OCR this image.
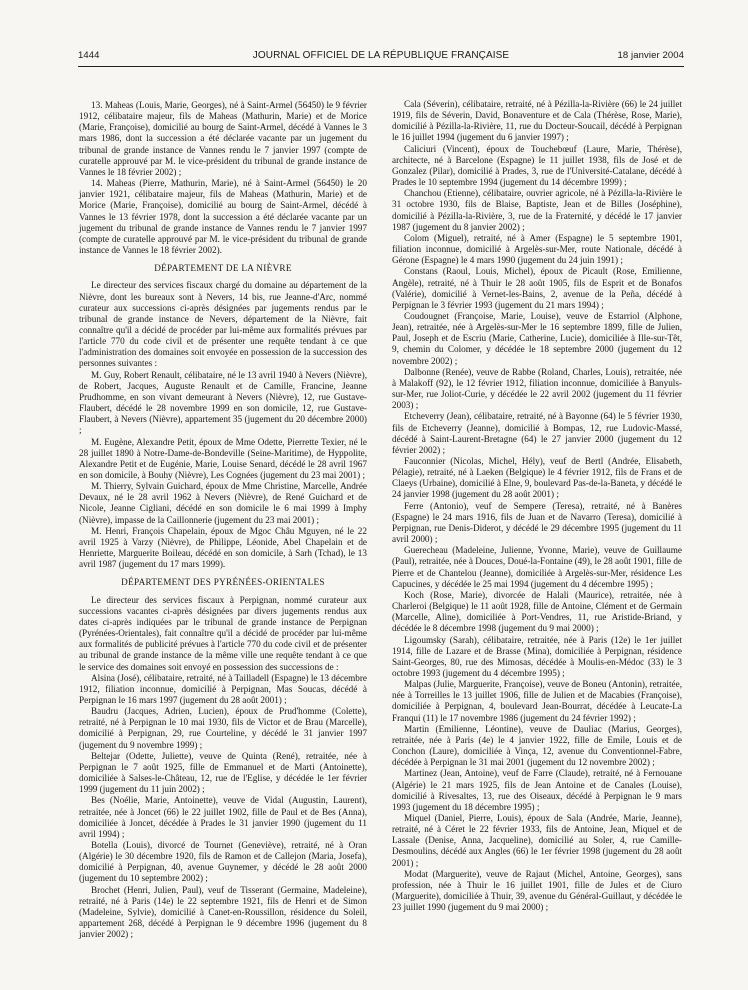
1444	JOURNAL OFFICIEL DE LA RÉPUBLIQUE FRANÇAISE	18 janvier 2004

13. Maheas (Louis, Marie, Georges), né à Saint-Armel (56450) le 9 février 1912, célibataire majeur, fils de Maheas (Mathurin, Marie) et de Morice (Marie, Françoise), domicilié au bourg de Saint-Armel, décédé à Vannes le 3 mars 1986, dont la succession a été déclarée vacante par un jugement du tribunal de grande instance de Vannes rendu le 7 janvier 1997 (compte de curatelle approuvé par M. le vice-président du tribunal de grande instance de Vannes le 18 février 2002) ;

14. Maheas (Pierre, Mathurin, Marie), né à Saint-Armel (56450) le 20 janvier 1921, célibataire majeur, fils de Maheas (Mathurin, Marie) et de Morice (Marie, Françoise), domicilié au bourg de Saint-Armel, décédé à Vannes le 13 février 1978, dont la succession a été déclarée vacante par un jugement du tribunal de grande instance de Vannes rendu le 7 janvier 1997 (compte de curatelle approuvé par M. le vice-président du tribunal de grande instance de Vannes le 18 février 2002).

DÉPARTEMENT DE LA NIÈVRE

Le directeur des services fiscaux chargé du domaine au département de la Nièvre, dont les bureaux sont à Nevers, 14 bis, rue Jeanne-d'Arc, nommé curateur aux successions ci-après désignées par jugements rendus par le tribunal de grande instance de Nevers, département de la Nièvre, fait connaître qu'il a décidé de procéder par lui-même aux formalités prévues par l'article 770 du code civil et de présenter une requête tendant à ce que l'administration des domaines soit envoyée en possession de la succession des personnes suivantes :

M. Guy, Robert Renault, célibataire, né le 13 avril 1940 à Nevers (Nièvre), de Robert, Jacques, Auguste Renault et de Camille, Francine, Jeanne Prudhomme, en son vivant demeurant à Nevers (Nièvre), 12, rue Gustave-Flaubert, décédé le 28 novembre 1999 en son domicile, 12, rue Gustave-Flaubert, à Nevers (Nièvre), appartement 35 (jugement du 20 décembre 2000) ;

M. Eugène, Alexandre Petit, époux de Mme Odette, Pierrette Texier, né le 28 juillet 1890 à Notre-Dame-de-Bondeville (Seine-Maritime), de Hyppolite, Alexandre Petit et de Eugénie, Marie, Louise Senard, décédé le 28 avril 1967 en son domicile, à Bouhy (Nièvre), Les Cognées (jugement du 23 mai 2001) ;

M. Thierry, Sylvain Guichard, époux de Mme Christine, Marcelle, Andrée Devaux, né le 28 avril 1962 à Nevers (Nièvre), de René Guichard et de Nicole, Jeanne Cigliani, décédé en son domicile le 6 mai 1999 à Imphy (Nièvre), impasse de la Caillonnerie (jugement du 23 mai 2001) ;

M. Henri, François Chapelain, époux de Mgoc Châu Mguyen, né le 22 avril 1925 à Varzy (Nièvre), de Philippe, Léonide, Abel Chapelain et de Henriette, Marguerite Boileau, décédé en son domicile, à Sarh (Tchad), le 13 avril 1987 (jugement du 17 mars 1999).

DÉPARTEMENT DES PYRÉNÉES-ORIENTALES

Le directeur des services fiscaux à Perpignan, nommé curateur aux successions vacantes ci-après désignées par divers jugements rendus aux dates ci-après indiquées par le tribunal de grande instance de Perpignan (Pyrénées-Orientales), fait connaître qu'il a décidé de procéder par lui-même aux formalités de publicité prévues à l'article 770 du code civil et de présenter au tribunal de grande instance de la même ville une requête tendant à ce que le service des domaines soit envoyé en possession des successions de :

Alsina (José), célibataire, retraité, né à Tailladell (Espagne) le 13 décembre 1912, filiation inconnue, domicilié à Perpignan, Mas Soucas, décédé à Perpignan le 16 mars 1997 (jugement du 28 août 2001) ;

Baudru (Jacques, Adrien, Lucien), époux de Prud'homme (Colette), retraité, né à Perpignan le 10 mai 1930, fils de Victor et de Brau (Marcelle), domicilié à Perpignan, 29, rue Courteline, y décédé le 31 janvier 1997 (jugement du 9 novembre 1999) ;

Beltejar (Odette, Juliette), veuve de Quinta (René), retraitée, née à Perpignan le 7 août 1925, fille de Emmanuel et de Marti (Antoinette), domiciliée à Salses-le-Château, 12, rue de l'Eglise, y décédée le 1er février 1999 (jugement du 11 juin 2002) ;

Bes (Noélie, Marie, Antoinette), veuve de Vidal (Augustin, Laurent), retraitée, née à Joncet (66) le 22 juillet 1902, fille de Paul et de Bes (Anna), domiciliée à Joncet, décédée à Prades le 31 janvier 1990 (jugement du 11 avril 1994) ;

Botella (Louis), divorcé de Tournet (Geneviève), retraité, né à Oran (Algérie) le 30 décembre 1920, fils de Ramon et de Callejon (Maria, Josefa), domicilié à Perpignan, 40, avenue Guynemer, y décédé le 28 août 2000 (jugement du 10 septembre 2002) ;

Brochet (Henri, Julien, Paul), veuf de Tisserant (Germaine, Madeleine), retraité, né à Paris (14e) le 22 septembre 1921, fils de Henri et de Simon (Madeleine, Sylvie), domicilié à Canet-en-Roussillon, résidence du Soleil, appartement 268, décédé à Perpignan le 9 décembre 1996 (jugement du 8 janvier 2002) ;

Cala (Séverin), célibataire, retraité, né à Pézilla-la-Rivière (66) le 24 juillet 1919, fils de Séverin, David, Bonaventure et de Cala (Thérèse, Rose, Marie), domicilié à Pézilla-la-Rivière, 11, rue du Docteur-Soucail, décédé à Perpignan le 16 juillet 1994 (jugement du 6 janvier 1997) ;

Caliciuri (Vincent), époux de Touchebœuf (Laure, Marie, Thérèse), architecte, né à Barcelone (Espagne) le 11 juillet 1938, fils de José et de Gonzalez (Pilar), domicilié à Prades, 3, rue de l'Université-Catalane, décédé à Prades le 10 septembre 1994 (jugement du 14 décembre 1999) ;

Chanchou (Etienne), célibataire, ouvrier agricole, né à Pézilla-la-Rivière le 31 octobre 1930, fils de Blaise, Baptiste, Jean et de Billes (Joséphine), domicilié à Pézilla-la-Rivière, 3, rue de la Fraternité, y décédé le 17 janvier 1987 (jugement du 8 janvier 2002) ;

Colom (Miguel), retraité, né à Amer (Espagne) le 5 septembre 1901, filiation inconnue, domicilié à Argelès-sur-Mer, route Nationale, décédé à Gérone (Espagne) le 4 mars 1990 (jugement du 24 juin 1991) ;

Constans (Raoul, Louis, Michel), époux de Picault (Rose, Emilienne, Angèle), retraité, né à Thuir le 28 août 1905, fils de Esprit et de Bonafos (Valérie), domicilié à Vernet-les-Bains, 2, avenue de la Peña, décédé à Perpignan le 3 février 1993 (jugement du 21 mars 1994) ;

Coudougnet (Françoise, Marie, Louise), veuve de Estarriol (Alphone, Jean), retraitée, née à Argelès-sur-Mer le 16 septembre 1899, fille de Julien, Paul, Joseph et de Escriu (Marie, Catherine, Lucie), domiciliée à Ille-sur-Têt, 9, chemin du Colomer, y décédée le 18 septembre 2000 (jugement du 12 novembre 2002) ;

Dalbonne (Renée), veuve de Rabbe (Roland, Charles, Louis), retraitée, née à Malakoff (92), le 12 février 1912, filiation inconnue, domiciliée à Banyuls-sur-Mer, rue Joliot-Curie, y décédée le 22 avril 2002 (jugement du 11 février 2003) ;

Etcheverry (Jean), célibataire, retraité, né à Bayonne (64) le 5 février 1930, fils de Etcheverry (Jeanne), domicilié à Bompas, 12, rue Ludovic-Massé, décédé à Saint-Laurent-Bretagne (64) le 27 janvier 2000 (jugement du 12 février 2002) ;

Fauconnier (Nicolas, Michel, Hély), veuf de Bertl (Andrée, Elisabeth, Pélagie), retraité, né à Laeken (Belgique) le 4 février 1912, fils de Frans et de Claeys (Urbaine), domicilié à Elne, 9, boulevard Pas-de-la-Baneta, y décédé le 24 janvier 1998 (jugement du 28 août 2001) ;

Ferre (Antonio), veuf de Sempere (Teresa), retraité, né à Banères (Espagne) le 24 mars 1916, fils de Juan et de Navarro (Teresa), domicilié à Perpignan, rue Denis-Diderot, y décédé le 29 décembre 1995 (jugement du 11 avril 2000) ;

Guerecheau (Madeleine, Julienne, Yvonne, Marie), veuve de Guillaume (Paul), retraitée, née à Douces, Doué-la-Fontaine (49), le 28 août 1901, fille de Pierre et de Chantelou (Jeanne), domiciliée à Argelès-sur-Mer, résidence Les Capucines, y décédée le 25 mai 1994 (jugement du 4 décembre 1995) ;

Koch (Rose, Marie), divorcée de Halali (Maurice), retraitée, née à Charleroi (Belgique) le 11 août 1928, fille de Antoine, Clément et de Germain (Marcelle, Aline), domiciliée à Port-Vendres, 11, rue Aristide-Briand, y décédée le 8 décembre 1998 (jugement du 9 mai 2000) ;

Ligoumsky (Sarah), célibataire, retraitée, née à Paris (12e) le 1er juillet 1914, fille de Lazare et de Brasse (Mina), domiciliée à Perpignan, résidence Saint-Georges, 80, rue des Mimosas, décédée à Moulis-en-Médoc (33) le 3 octobre 1993 (jugement du 4 décembre 1995) ;

Malpas (Julie, Marguerite, Françoise), veuve de Boneu (Antonin), retraitée, née à Torreilles le 13 juillet 1906, fille de Julien et de Macabies (Françoise), domiciliée à Perpignan, 4, boulevard Jean-Bourrat, décédée à Leucate-La Franqui (11) le 17 novembre 1986 (jugement du 24 février 1992) ;

Martin (Emilienne, Léontine), veuve de Dauliac (Marius, Georges), retraitée, née à Paris (4e) le 4 janvier 1922, fille de Emile, Louis et de Conchon (Laure), domiciliée à Vinça, 12, avenue du Conventionnel-Fabre, décédée à Perpignan le 31 mai 2001 (jugement du 12 novembre 2002) ;

Martinez (Jean, Antoine), veuf de Farre (Claude), retraité, né à Fernouane (Algérie) le 21 mars 1925, fils de Jean Antoine et de Canales (Louise), domicilié à Rivesaltes, 13, rue des Oiseaux, décédé à Perpignan le 9 mars 1993 (jugement du 18 décembre 1995) ;

Miquel (Daniel, Pierre, Louis), époux de Sala (Andrée, Marie, Jeanne), retraité, né à Céret le 22 février 1933, fils de Antoine, Jean, Miquel et de Lassale (Denise, Anna, Jacqueline), domicilié au Soler, 4, rue Camille-Desmoulins, décédé aux Angles (66) le 1er février 1998 (jugement du 28 août 2001) ;

Modat (Marguerite), veuve de Rajaut (Michel, Antoine, Georges), sans profession, née à Thuir le 16 juillet 1901, fille de Jules et de Ciuro (Marguerite), domiciliée à Thuir, 39, avenue du Général-Guillaut, y décédée le 23 juillet 1990 (jugement du 9 mai 2000) ;
